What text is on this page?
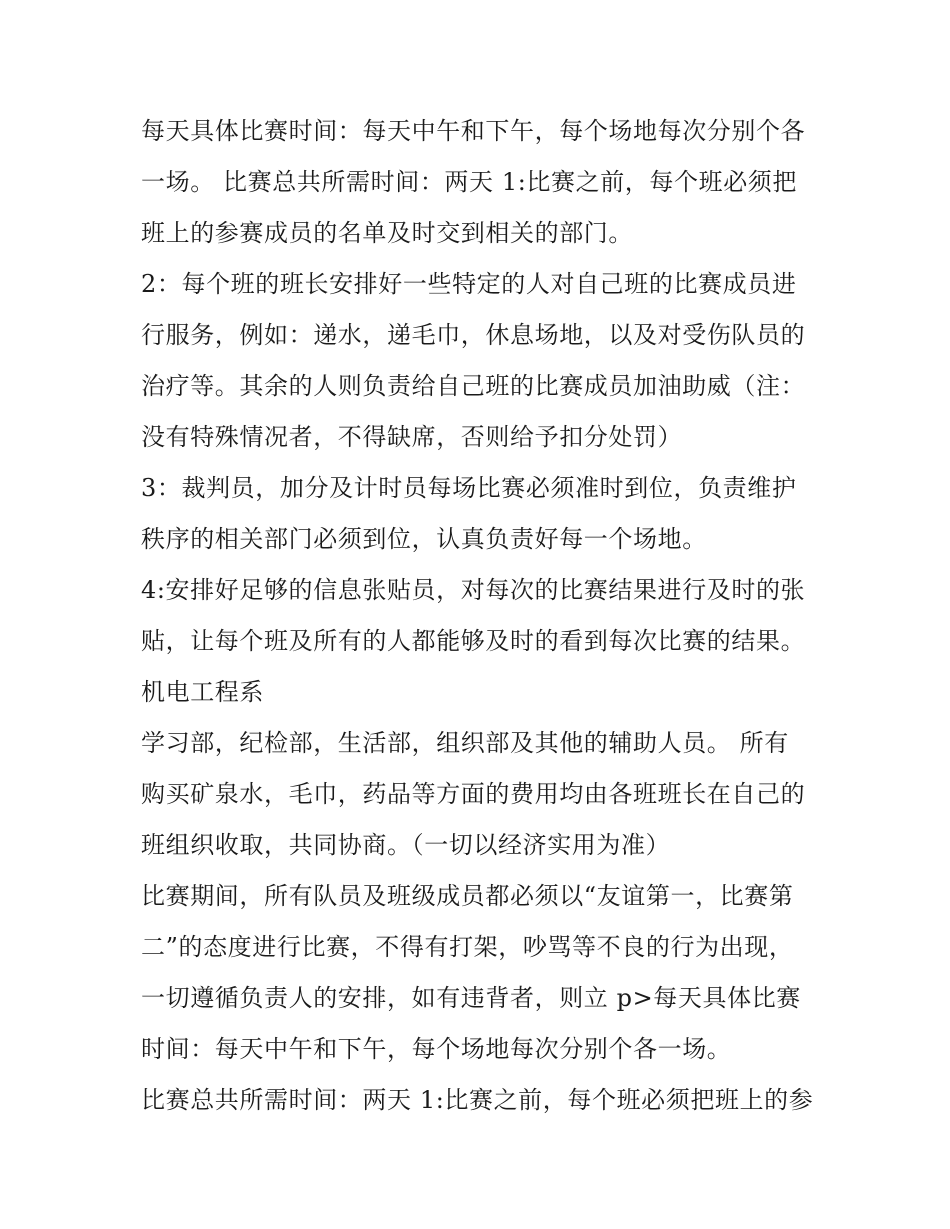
每天具体比赛时间：每天中午和下午，每个场地每次分别个各
一场。 比赛总共所需时间：两天 1:比赛之前，每个班必须把
班上的参赛成员的名单及时交到相关的部门。
2：每个班的班长安排好一些特定的人对自己班的比赛成员进
行服务，例如：递水，递毛巾，休息场地，以及对受伤队员的
治疗等。其余的人则负责给自己班的比赛成员加油助威（注：
没有特殊情况者，不得缺席，否则给予扣分处罚）
3：裁判员，加分及计时员每场比赛必须准时到位，负责维护
秩序的相关部门必须到位，认真负责好每一个场地。
4:安排好足够的信息张贴员，对每次的比赛结果进行及时的张
贴，让每个班及所有的人都能够及时的看到每次比赛的结果。
机电工程系
学习部，纪检部，生活部，组织部及其他的辅助人员。 所有
购买矿泉水，毛巾，药品等方面的费用均由各班班长在自己的
班组织收取，共同协商。（一切以经济实用为准）
比赛期间，所有队员及班级成员都必须以“友谊第一，比赛第
二”的态度进行比赛，不得有打架，吵骂等不良的行为出现，
一切遵循负责人的安排，如有违背者，则立 p>每天具体比赛
时间：每天中午和下午，每个场地每次分别个各一场。
比赛总共所需时间：两天 1:比赛之前，每个班必须把班上的参
